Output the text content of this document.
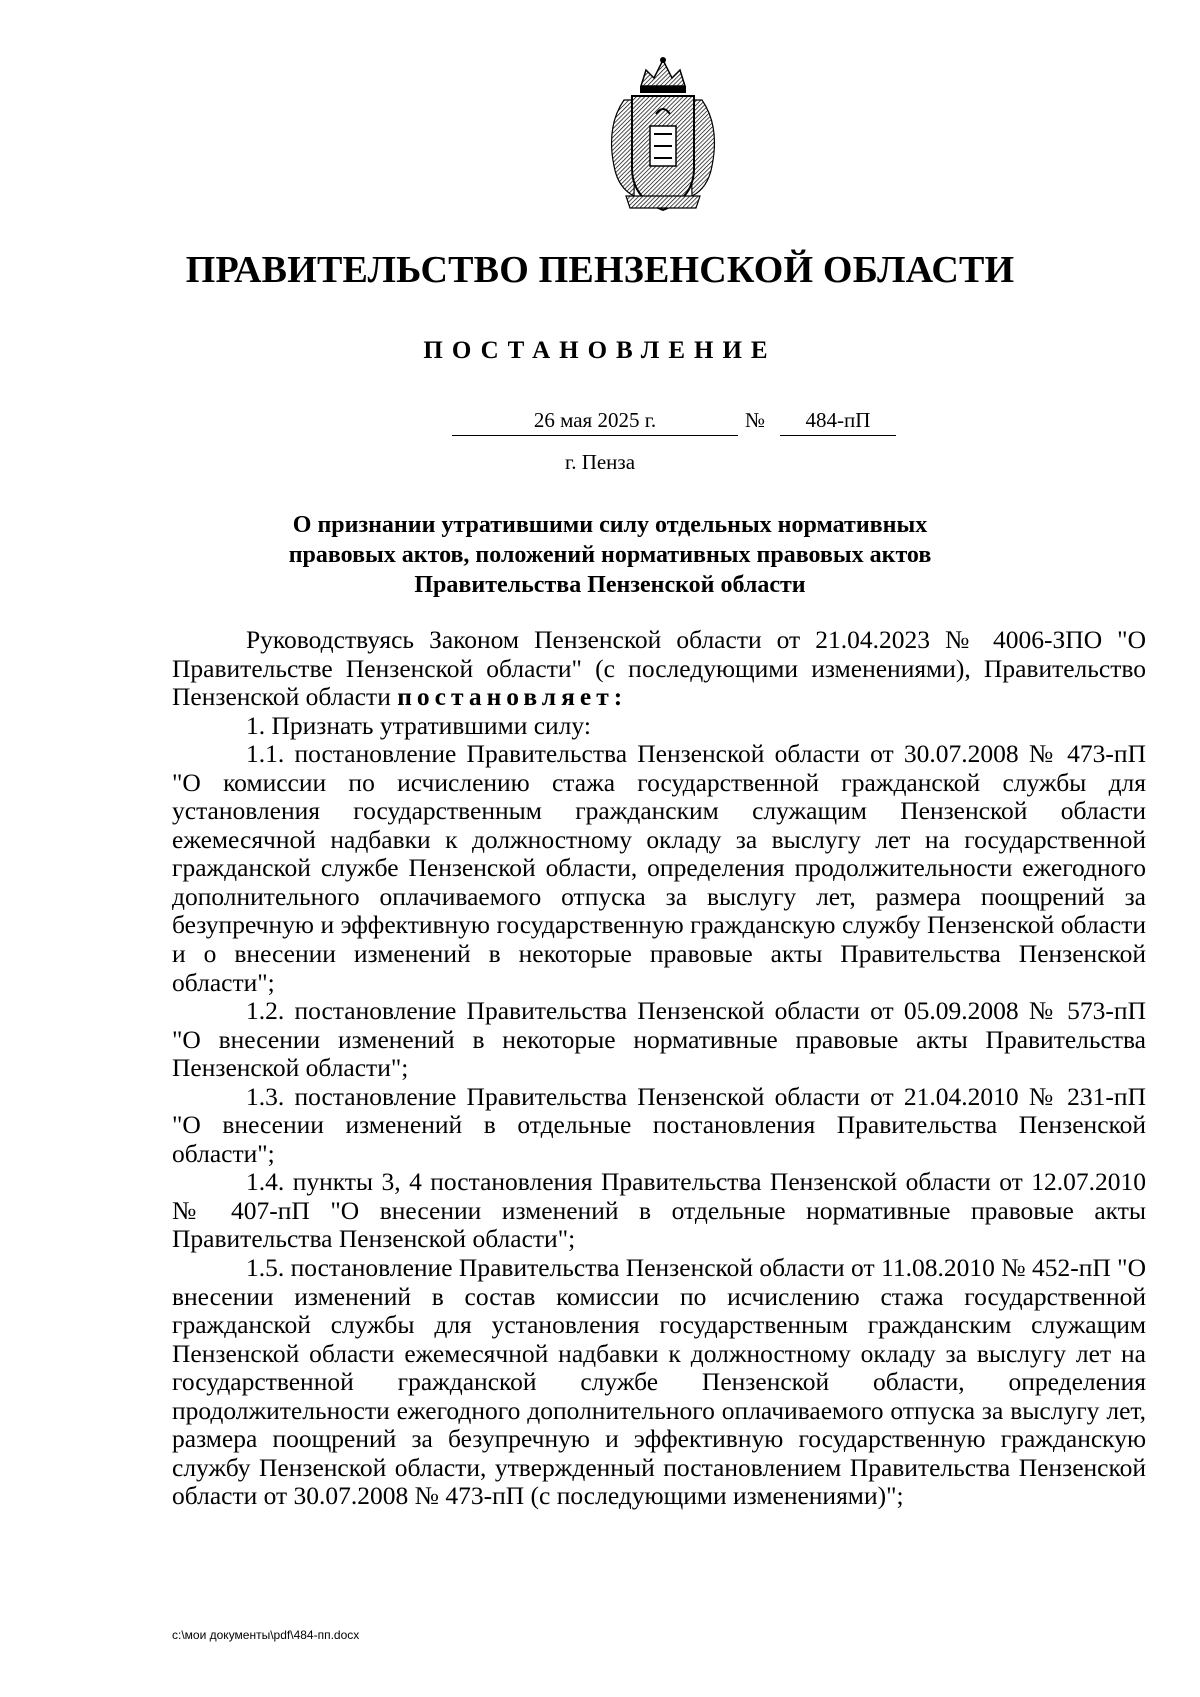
ПРАВИТЕЛЬСТВО ПЕНЗЕНСКОЙ ОБЛАСТИ
ПОСТАНОВЛЕНИЕ
26 мая 2025 г.	№	484-пП
г. Пенза
О признании утратившими силу отдельных нормативных
правовых актов, положений нормативных правовых актов
Правительства Пензенской области

Руководствуясь Законом Пензенской области от 21.04.2023 № 4006-ЗПО "О Правительстве Пензенской области" (с последующими изменениями), Правительство Пензенской области постановляет:

1. Признать утратившими силу:

1.1. постановление Правительства Пензенской области от 30.07.2008 № 473-пП "О комиссии по исчислению стажа государственной гражданской службы для установления государственным гражданским служащим Пензенской области ежемесячной надбавки к должностному окладу за выслугу лет на государственной гражданской службе Пензенской области, определения продолжительности ежегодного дополнительного оплачиваемого отпуска за выслугу лет, размера поощрений за безупречную и эффективную государственную гражданскую службу Пензенской области и о внесении изменений в некоторые правовые акты Правительства Пензенской области";

1.2. постановление Правительства Пензенской области от 05.09.2008 № 573-пП "О внесении изменений в некоторые нормативные правовые акты Правительства Пензенской области";

1.3. постановление Правительства Пензенской области от 21.04.2010 № 231-пП "О внесении изменений в отдельные постановления Правительства Пензенской области";

1.4. пункты 3, 4 постановления Правительства Пензенской области от 12.07.2010 № 407-пП "О внесении изменений в отдельные нормативные правовые акты Правительства Пензенской области";

1.5. постановление Правительства Пензенской области от 11.08.2010 № 452-пП "О внесении изменений в состав комиссии по исчислению стажа государственной гражданской службы для установления государственным гражданским служащим Пензенской области ежемесячной надбавки к должностному окладу за выслугу лет на государственной гражданской службе Пензенской области, определения продолжительности ежегодного дополнительного оплачиваемого отпуска за выслугу лет, размера поощрений за безупречную и эффективную государственную гражданскую службу Пензенской области, утвержденный постановлением Правительства Пензенской области от 30.07.2008 № 473-пП (с последующими изменениями)";

c:\мои документы\pdf\484-пп.docx
